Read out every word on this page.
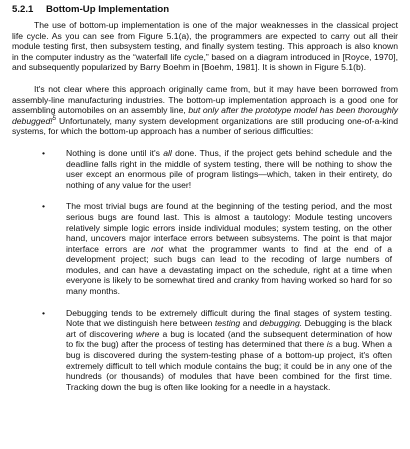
5.2.1	Bottom-Up Implementation

The use of bottom-up implementation is one of the major weaknesses in the classical project life cycle. As you can see from Figure 5.1(a), the programmers are expected to carry out all their module testing first, then subsystem testing, and finally system testing. This approach is also known in the computer industry as the “waterfall life cycle,” based on a diagram introduced in [Royce, 1970], and subsequently popularized by Barry Boehm in [Boehm, 1981]. It is shown in Figure 5.1(b).

It's not clear where this approach originally came from, but it may have been borrowed from assembly-line manufacturing industries. The bottom-up implementation approach is a good one for assembling automobiles on an assembly line, but only after the prototype model has been thoroughly debugged!$^5$ Unfortunately, many system development organizations are still producing one-of-a-kind systems, for which the bottom-up approach has a number of serious difficulties:

• Nothing is done until it's all done. Thus, if the project gets behind schedule and the deadline falls right in the middle of system testing, there will be nothing to show the user except an enormous pile of program listings—which, taken in their entirety, do nothing of any value for the user!
• The most trivial bugs are found at the beginning of the testing period, and the most serious bugs are found last. This is almost a tautology: Module testing uncovers relatively simple logic errors inside individual modules; system testing, on the other hand, uncovers major interface errors between subsystems. The point is that major interface errors are not what the programmer wants to find at the end of a development project; such bugs can lead to the recoding of large numbers of modules, and can have a devastating impact on the schedule, right at a time when everyone is likely to be somewhat tired and cranky from having worked so hard for so many months.
• Debugging tends to be extremely difficult during the final stages of system testing. Note that we distinguish here between testing and debugging. Debugging is the black art of discovering where a bug is located (and the subsequent determination of how to fix the bug) after the process of testing has determined that there is a bug. When a bug is discovered during the system-testing phase of a bottom-up project, it's often extremely difficult to tell which module contains the bug; it could be in any one of the hundreds (or thousands) of modules that have been combined for the first time. Tracking down the bug is often like looking for a needle in a haystack.
